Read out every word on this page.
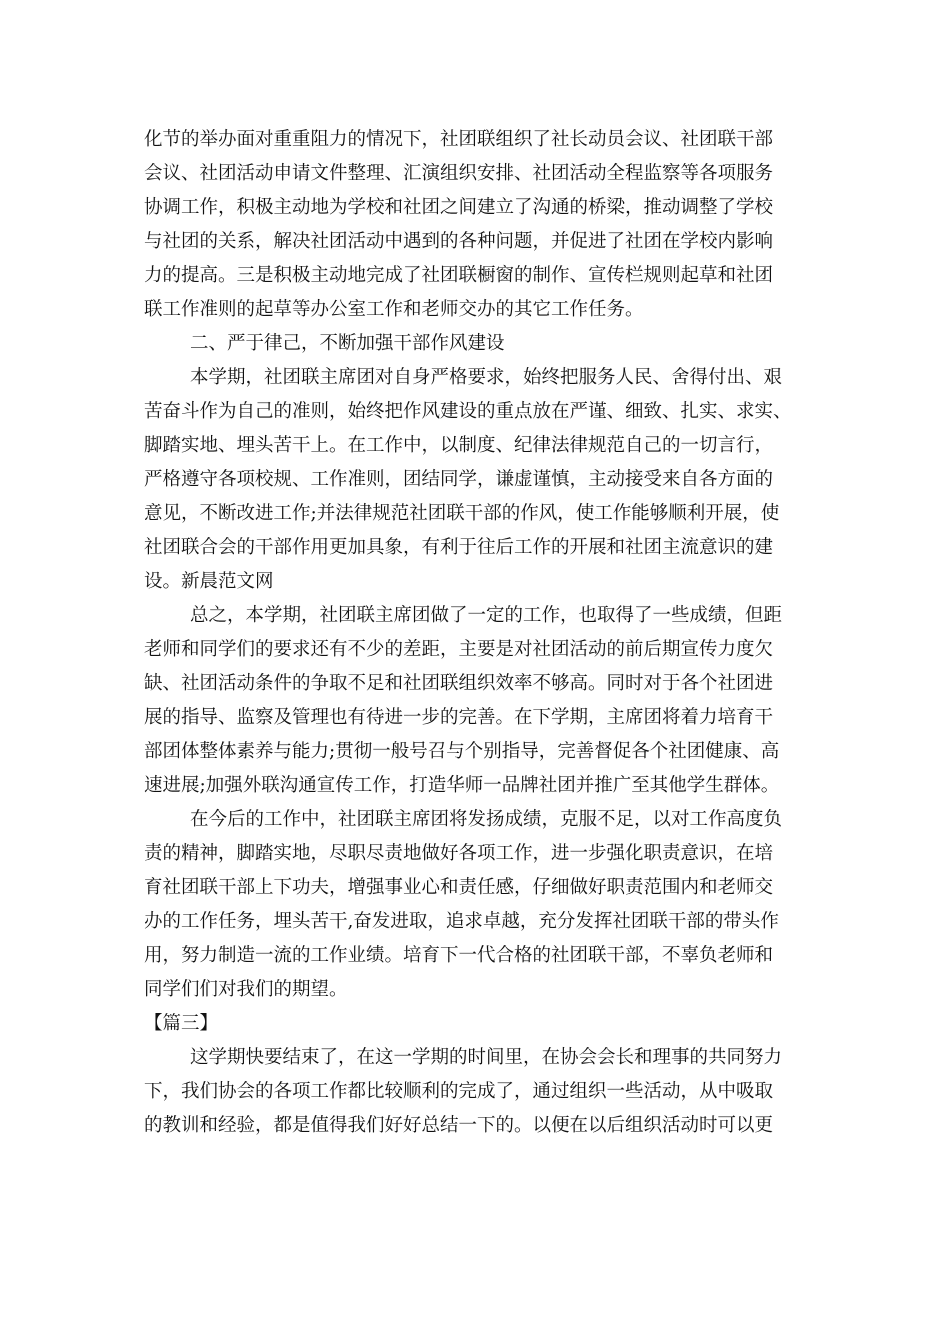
化节的举办面对重重阻力的情况下，社团联组织了社长动员会议、社团联干部
会议、社团活动申请文件整理、汇演组织安排、社团活动全程监察等各项服务
协调工作，积极主动地为学校和社团之间建立了沟通的桥梁，推动调整了学校
与社团的关系，解决社团活动中遇到的各种问题，并促进了社团在学校内影响
力的提高。三是积极主动地完成了社团联橱窗的制作、宣传栏规则起草和社团
联工作准则的起草等办公室工作和老师交办的其它工作任务。
二、严于律己，不断加强干部作风建设
本学期，社团联主席团对自身严格要求，始终把服务人民、舍得付出、艰
苦奋斗作为自己的准则，始终把作风建设的重点放在严谨、细致、扎实、求实、
脚踏实地、埋头苦干上。在工作中，以制度、纪律法律规范自己的一切言行，
严格遵守各项校规、工作准则，团结同学，谦虚谨慎，主动接受来自各方面的
意见，不断改进工作;并法律规范社团联干部的作风，使工作能够顺利开展，使
社团联合会的干部作用更加具象，有利于往后工作的开展和社团主流意识的建
设。新晨范文网
总之，本学期，社团联主席团做了一定的工作，也取得了一些成绩，但距
老师和同学们的要求还有不少的差距，主要是对社团活动的前后期宣传力度欠
缺、社团活动条件的争取不足和社团联组织效率不够高。同时对于各个社团进
展的指导、监察及管理也有待进一步的完善。在下学期，主席团将着力培育干
部团体整体素养与能力;贯彻一般号召与个别指导，完善督促各个社团健康、高
速进展;加强外联沟通宣传工作，打造华师一品牌社团并推广至其他学生群体。
在今后的工作中，社团联主席团将发扬成绩，克服不足，以对工作高度负
责的精神，脚踏实地，尽职尽责地做好各项工作，进一步强化职责意识，在培
育社团联干部上下功夫，增强事业心和责任感，仔细做好职责范围内和老师交
办的工作任务，埋头苦干,奋发进取，追求卓越，充分发挥社团联干部的带头作
用，努力制造一流的工作业绩。培育下一代合格的社团联干部，不辜负老师和
同学们们对我们的期望。
【篇三】
这学期快要结束了，在这一学期的时间里，在协会会长和理事的共同努力
下，我们协会的各项工作都比较顺利的完成了，通过组织一些活动，从中吸取
的教训和经验，都是值得我们好好总结一下的。以便在以后组织活动时可以更
